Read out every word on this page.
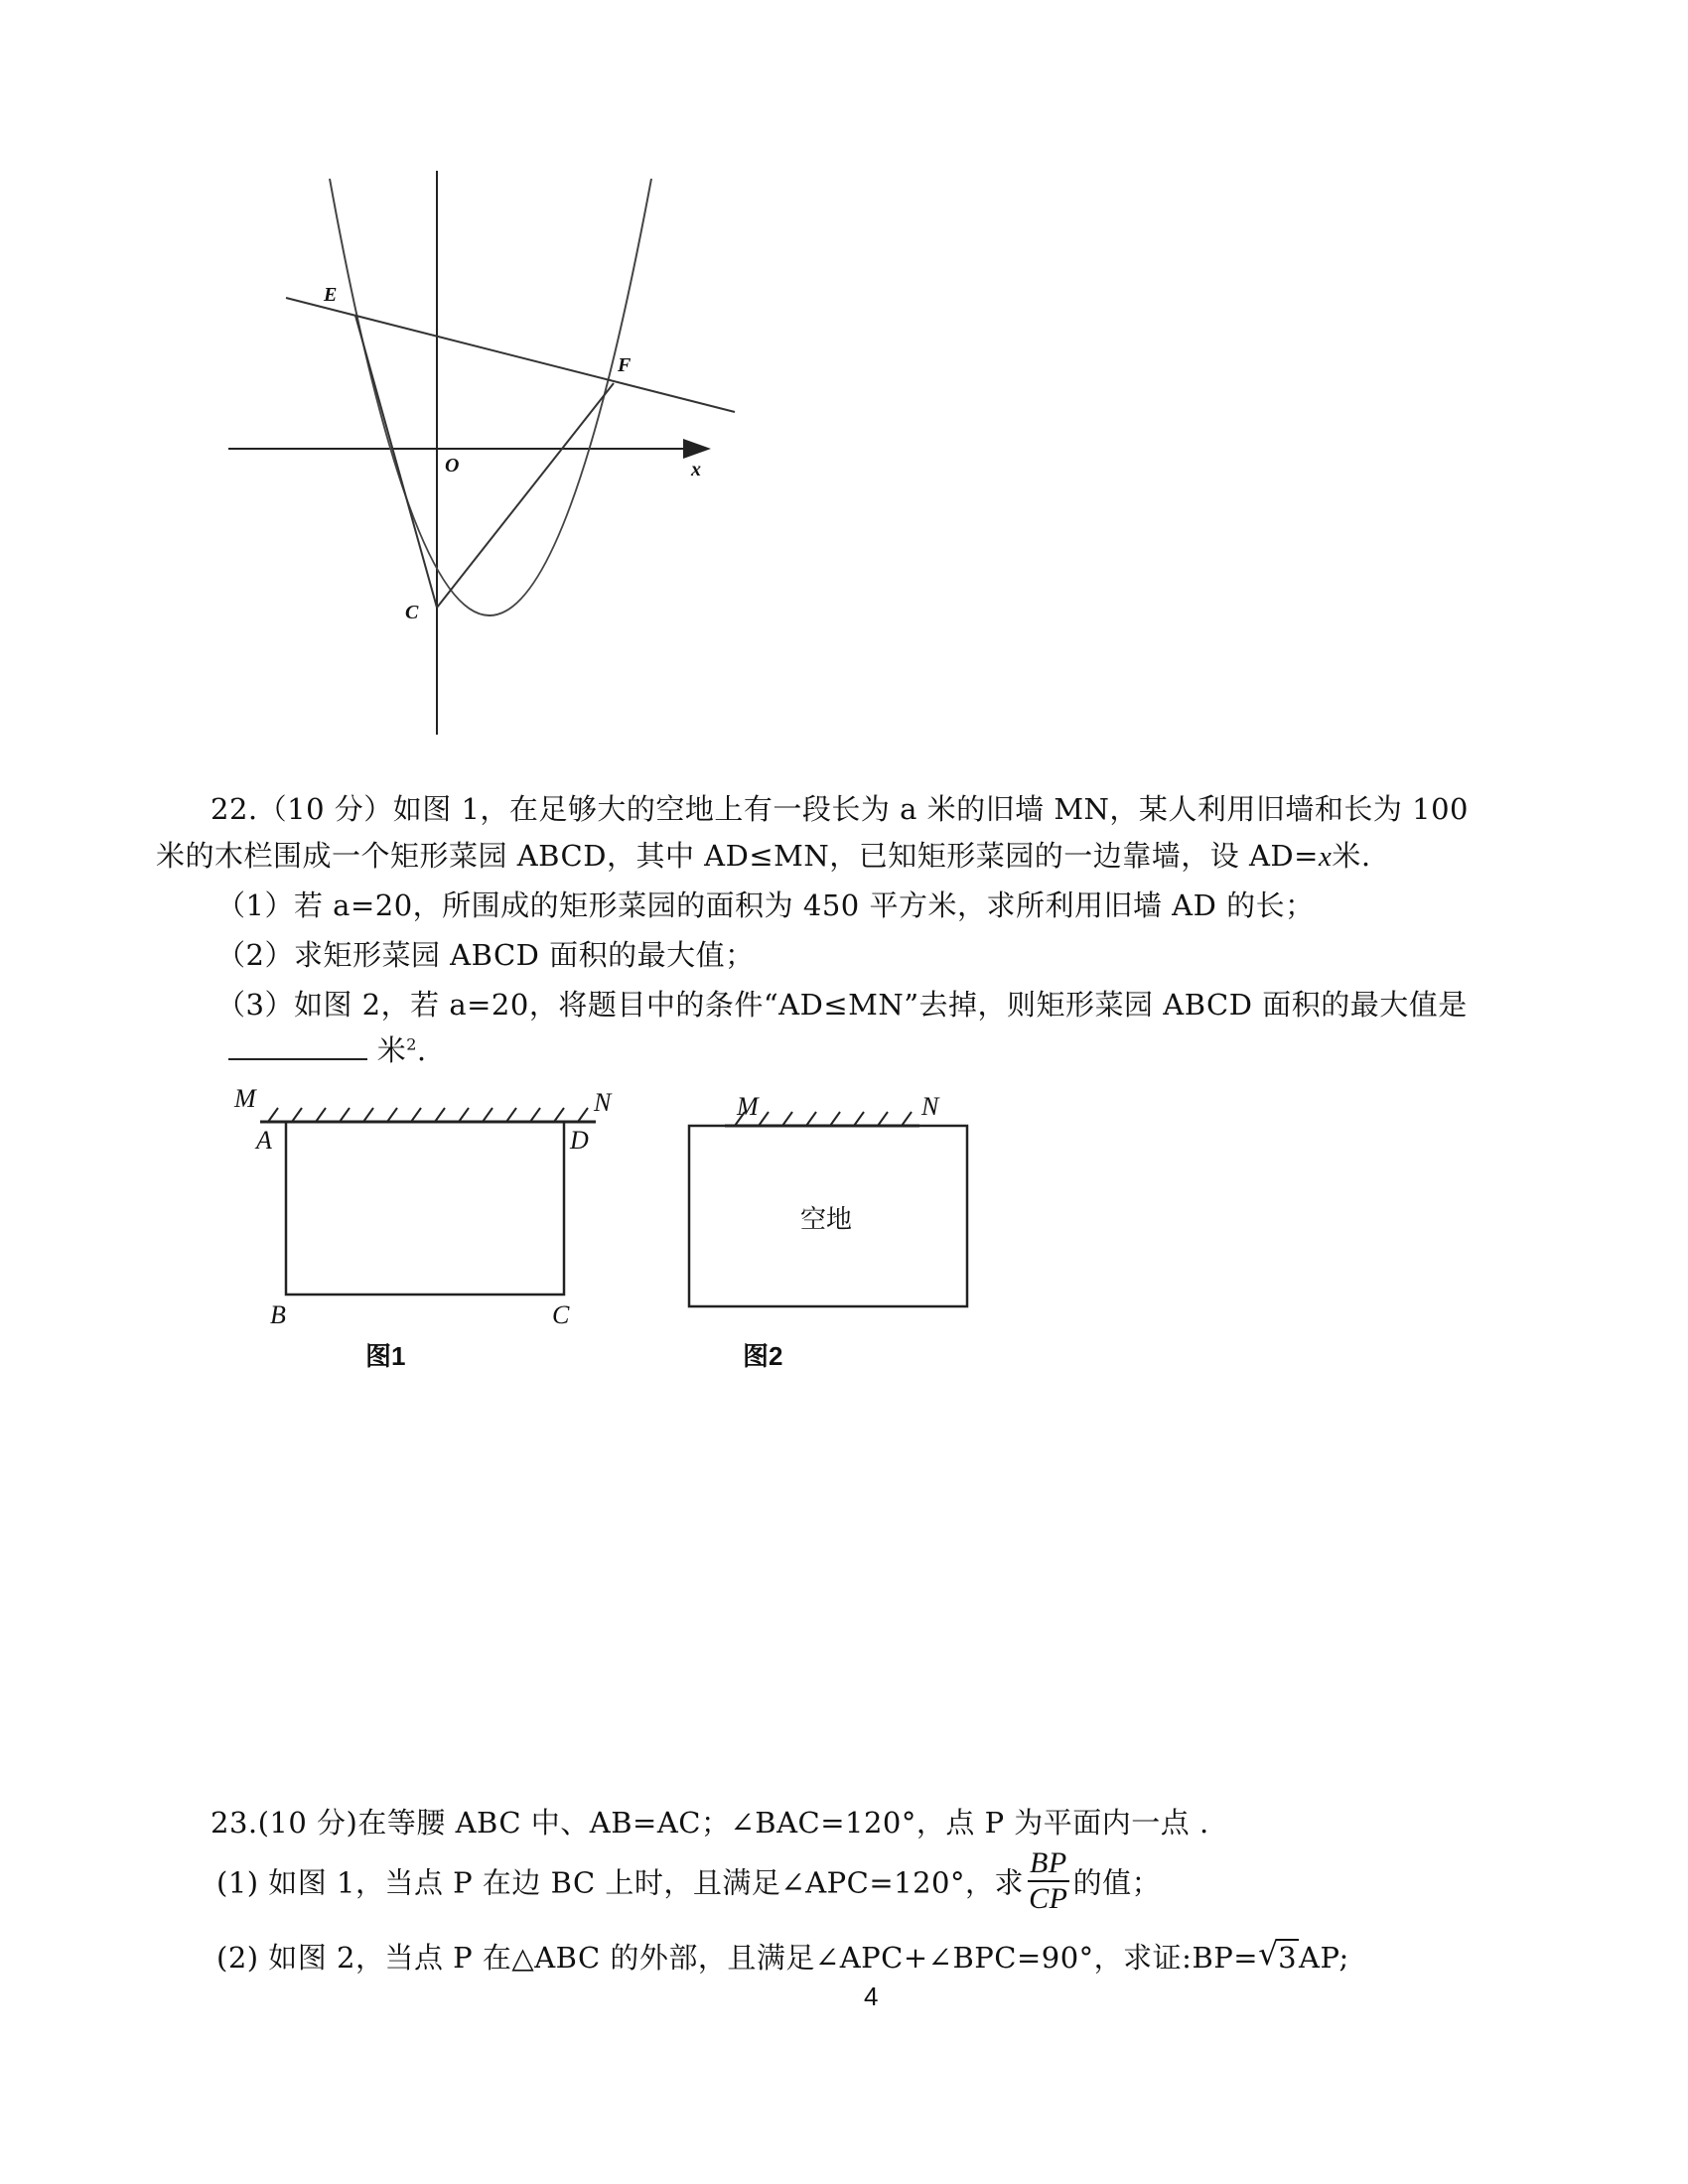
E
F
O	x
C
22.（10 分）如图 1，在足够大的空地上有一段长为 a 米的旧墙 MN，某人利用旧墙和长为 100
米的木栏围成一个矩形菜园 ABCD，其中 AD≤MN，已知矩形菜园的一边靠墙，设 AD=x米.
（1）若 a=20，所围成的矩形菜园的面积为 450 平方米，求所利用旧墙 AD 的长；
（2）求矩形菜园 ABCD 面积的最大值；
（3）如图 2，若 a=20，将题目中的条件“AD≤MN”去掉，则矩形菜园 ABCD 面积的最大值是
米$^2$.
M	N
A	D
B	C
图1
M	N
空地
图2
23.(10 分)在等腰 ABC 中、AB=AC；∠BAC=120°，点 P 为平面内一点 .
(1) 如图 1，当点 P 在边 BC 上时，且满足∠APC=120°，求 $\frac{BP}{CP}$ 的值；
(2) 如图 2，当点 P 在△ABC 的外部，且满足∠APC+∠BPC=90°，求证:BP= √ 3AP;
4
